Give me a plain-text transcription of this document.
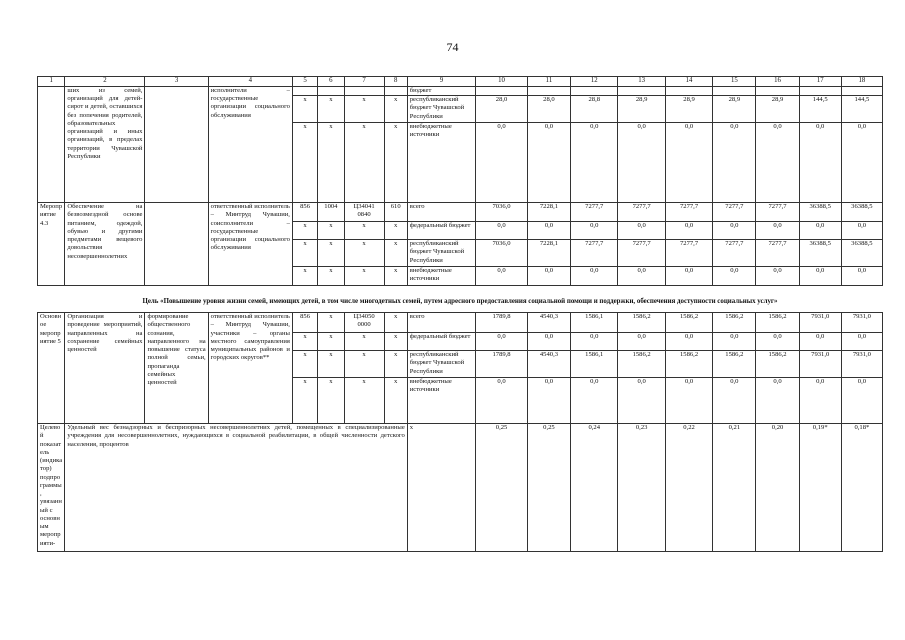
74
1	2	3	4	5	6	7	8	9	10	11	12	13	14	15	16	17	18
	ших из семей, организаций для детей-сирот и детей, оставшихся без попечения родителей, образовательных организаций и иных организаций, в пределах территории Чувашской Республики		исполнители – государственные организации социального обслуживания					бюджет									
				x	x	x	x	республиканский бюджет Чувашской Республики	28,0	28,0	28,8	28,9	28,9	28,9	28,9	144,5	144,5
				x	x	x	x	внебюджетные источники	0,0	0,0	0,0	0,0	0,0	0,0	0,0	0,0	0,0
Мероприятие 4.3	Обеспечение на безвозмездной основе питанием, одеждой, обувью и другими предметами вещевого довольствия несовершеннолетних		ответственный исполнитель – Минтруд Чувашии, соисполнители – государственные организации социального обслуживания	856	1004	Ц34041 0840	610	всего	7036,0	7228,1	7277,7	7277,7	7277,7	7277,7	7277,7	36388,5	36388,5
				x	x	x	x	федеральный бюджет	0,0	0,0	0,0	0,0	0,0	0,0	0,0	0,0	0,0
				x	x	x	x	республиканский бюджет Чувашской Республики	7036,0	7228,1	7277,7	7277,7	7277,7	7277,7	7277,7	36388,5	36388,5
				x	x	x	x	внебюджетные источники	0,0	0,0	0,0	0,0	0,0	0,0	0,0	0,0	0,0
Цель «Повышение уровня жизни семей, имеющих детей, в том числе многодетных семей, путем адресного предоставления социальной помощи и поддержки, обеспечения доступности социальных услуг»																	
Основное мероприятие 5	Организация и проведение мероприятий, направленных на сохранение семейных ценностей	формирование общественного сознания, направленного на повышение статуса полной семьи, пропаганда семейных ценностей	ответственный исполнитель – Минтруд Чувашии, участники – органы местного самоуправления муниципальных районов и городских округов**	856	x	Ц34050 0000	x	всего	1789,8	4540,3	1586,1	1586,2	1586,2	1586,2	1586,2	7931,0	7931,0
				x	x	x	x	федеральный бюджет	0,0	0,0	0,0	0,0	0,0	0,0	0,0	0,0	0,0
				x	x	x	x	республиканский бюджет Чувашской Республики	1789,8	4540,3	1586,1	1586,2	1586,2	1586,2	1586,2	7931,0	7931,0
				x	x	x	x	внебюджетные источники	0,0	0,0	0,0	0,0	0,0	0,0	0,0	0,0	0,0
Целевой показатель (индикатор) подпрограммы, увязанный с основным мероприяти-	Удельный вес безнадзорных и беспризорных несовершеннолетних детей, помещенных в специализированные учреждения для несовершеннолетних, нуждающихся в социальной реабилитации, в общей численности детского населения, процентов							x	0,25	0,25	0,24	0,23	0,22	0,21	0,20	0,19*	0,18*
